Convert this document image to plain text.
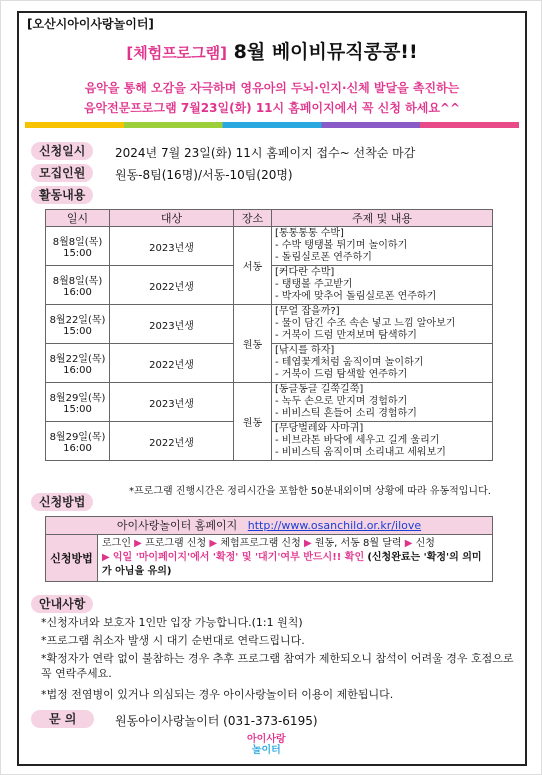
[오산시아이사랑놀이터]
[체험프로그램] 8월 베이비뮤직콩콩!!
음악을 통해 오감을 자극하며 영유아의 두뇌·인지·신체 발달을 촉진하는
음악전문프로그램 7월23일(화) 11시 홈페이지에서 꼭 신청 하세요^^
신청일시	2024년 7월 23일(화) 11시 홈페이지 접수~ 선착순 마감
모집인원	원동-8팀(16명)/서동-10팀(20명)
활동내용
일시	대상	장소	주제 및 내용
8월8일(목)
15:00	2023년생	서동	[통통통통 수박]
- 수박 탱탱볼 튀기며 놀이하기
- 돌림실로폰 연주하기
8월8일(목)
16:00	2022년생		[커다란 수박]
- 탱탱볼 주고받기
- 박자에 맞추어 돌림실로폰 연주하기
8월22일(목)
15:00	2023년생	원동	[무얼 잡을까?]
- 물이 담긴 수조 속손 넣고 느낌 알아보기
- 거북이 드럼 만져보며 탐색하기
8월22일(목)
16:00	2022년생		[낚시를 하자]
- 테엽꽃게처럼 움직이며 놀이하기
- 거북이 드럼 탐색할 연주하기
8월29일(목)
15:00	2023년생	원동	[동글동글 길쭉길쭉]
- 녹두 손으로 만지며 경험하기
- 비비스틱 흔들어 소리 경험하기
8월29일(목)
16:00	2022년생		[무당벌레와 사마귀]
- 비브라톤 바닥에 세우고 길게 울리기
- 비비스틱 움직이며 소리내고 세워보기
*프로그램 진행시간은 정리시간을 포함한 50분내외이며 상황에 따라 유동적입니다.
신청방법
아이사랑놀이터 홈페이지 http://www.osanchild.or.kr/ilove
신청방법
로그인 ▶ 프로그램 신청 ▶ 체험프로그램 신청 ▶ 원동, 서동 8월 달력 ▶ 신청
▶ 익일 '마이페이지'에서 '확정' 및 '대기'여부 반드시!! 확인 (신청완료는 '확정'의 의미가 아님을 유의)
안내사항
*신청자녀와 보호자 1인만 입장 가능합니다.(1:1 원칙)
*프로그램 취소자 발생 시 대기 순번대로 연락드립니다.
*확정자가 연락 없이 불참하는 경우 추후 프로그램 참여가 제한되오니 참석이 어려울 경우 호점으로 꼭 연락주세요.
*법정 전염병이 있거나 의심되는 경우 아이사랑놀이터 이용이 제한됩니다.
문 의	원동아이사랑놀이터 (031-373-6195)
아이사랑
놀이터
